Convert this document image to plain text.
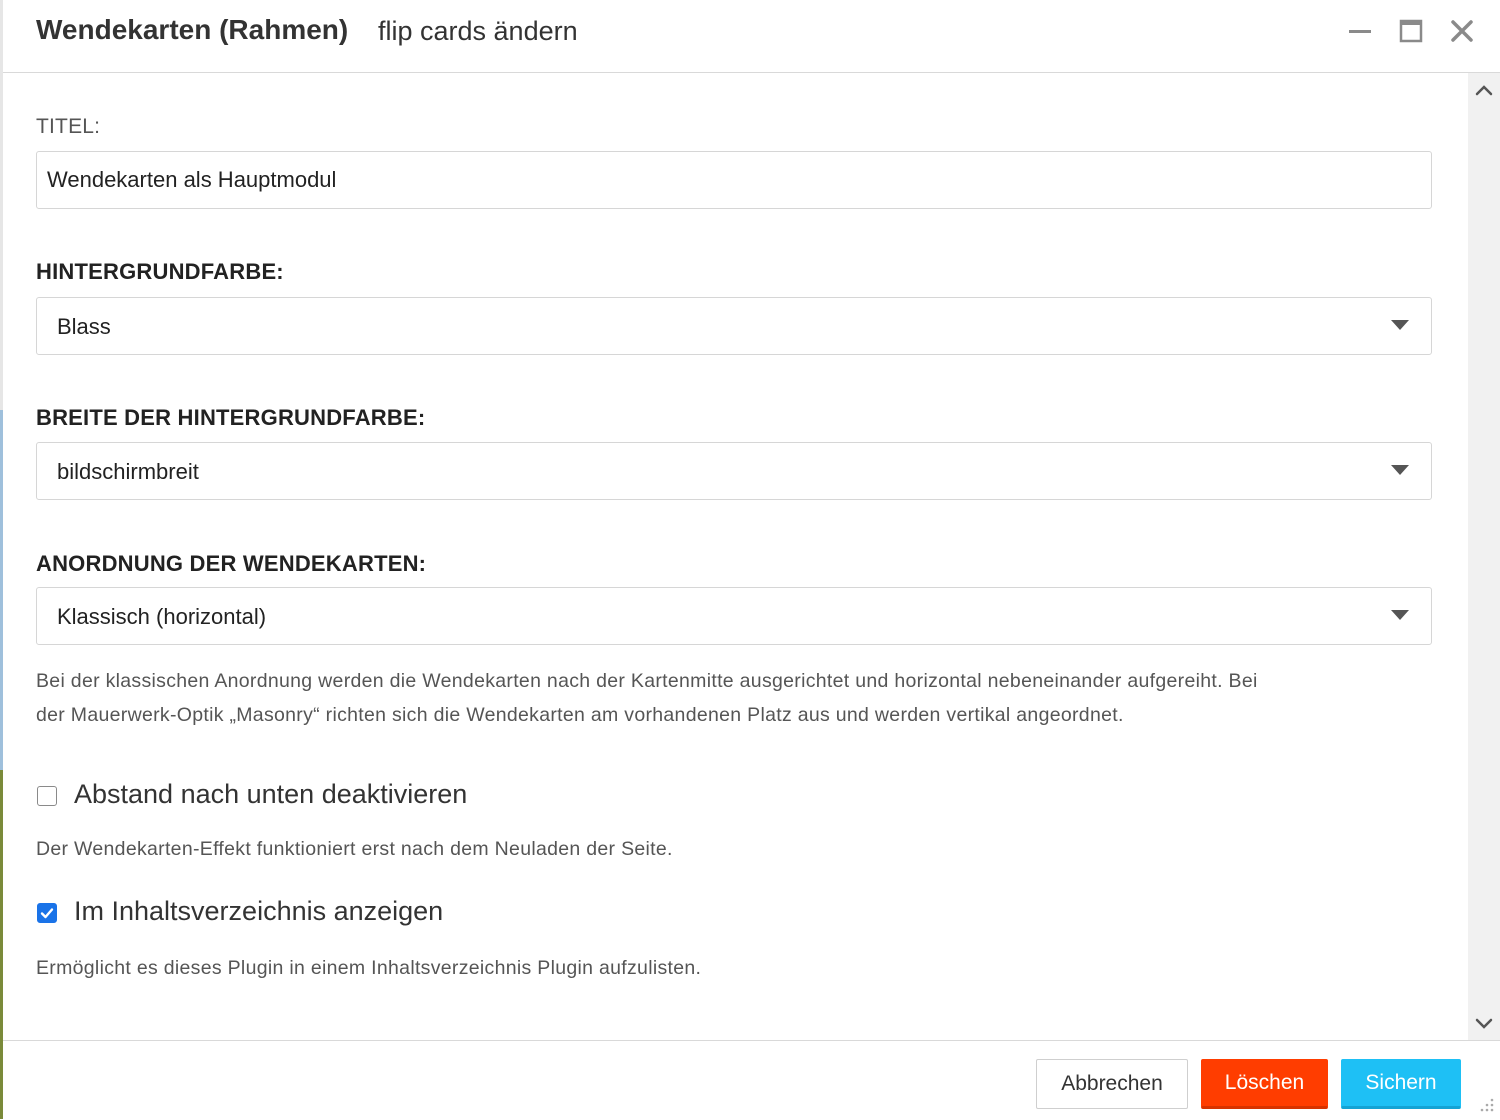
Wendekarten (Rahmen) flip cards ändern
TITEL:
Wendekarten als Hauptmodul
HINTERGRUNDFARBE:
Blass
BREITE DER HINTERGRUNDFARBE:
bildschirmbreit
ANORDNUNG DER WENDEKARTEN:
Klassisch (horizontal)
Bei der klassischen Anordnung werden die Wendekarten nach der Kartenmitte ausgerichtet und horizontal nebeneinander aufgereiht. Bei
der Mauerwerk-Optik „Masonry“ richten sich die Wendekarten am vorhandenen Platz aus und werden vertikal angeordnet.
Abstand nach unten deaktivieren
Der Wendekarten-Effekt funktioniert erst nach dem Neuladen der Seite.
Im Inhaltsverzeichnis anzeigen
Ermöglicht es dieses Plugin in einem Inhaltsverzeichnis Plugin aufzulisten.
Abbrechen	Löschen	Sichern
